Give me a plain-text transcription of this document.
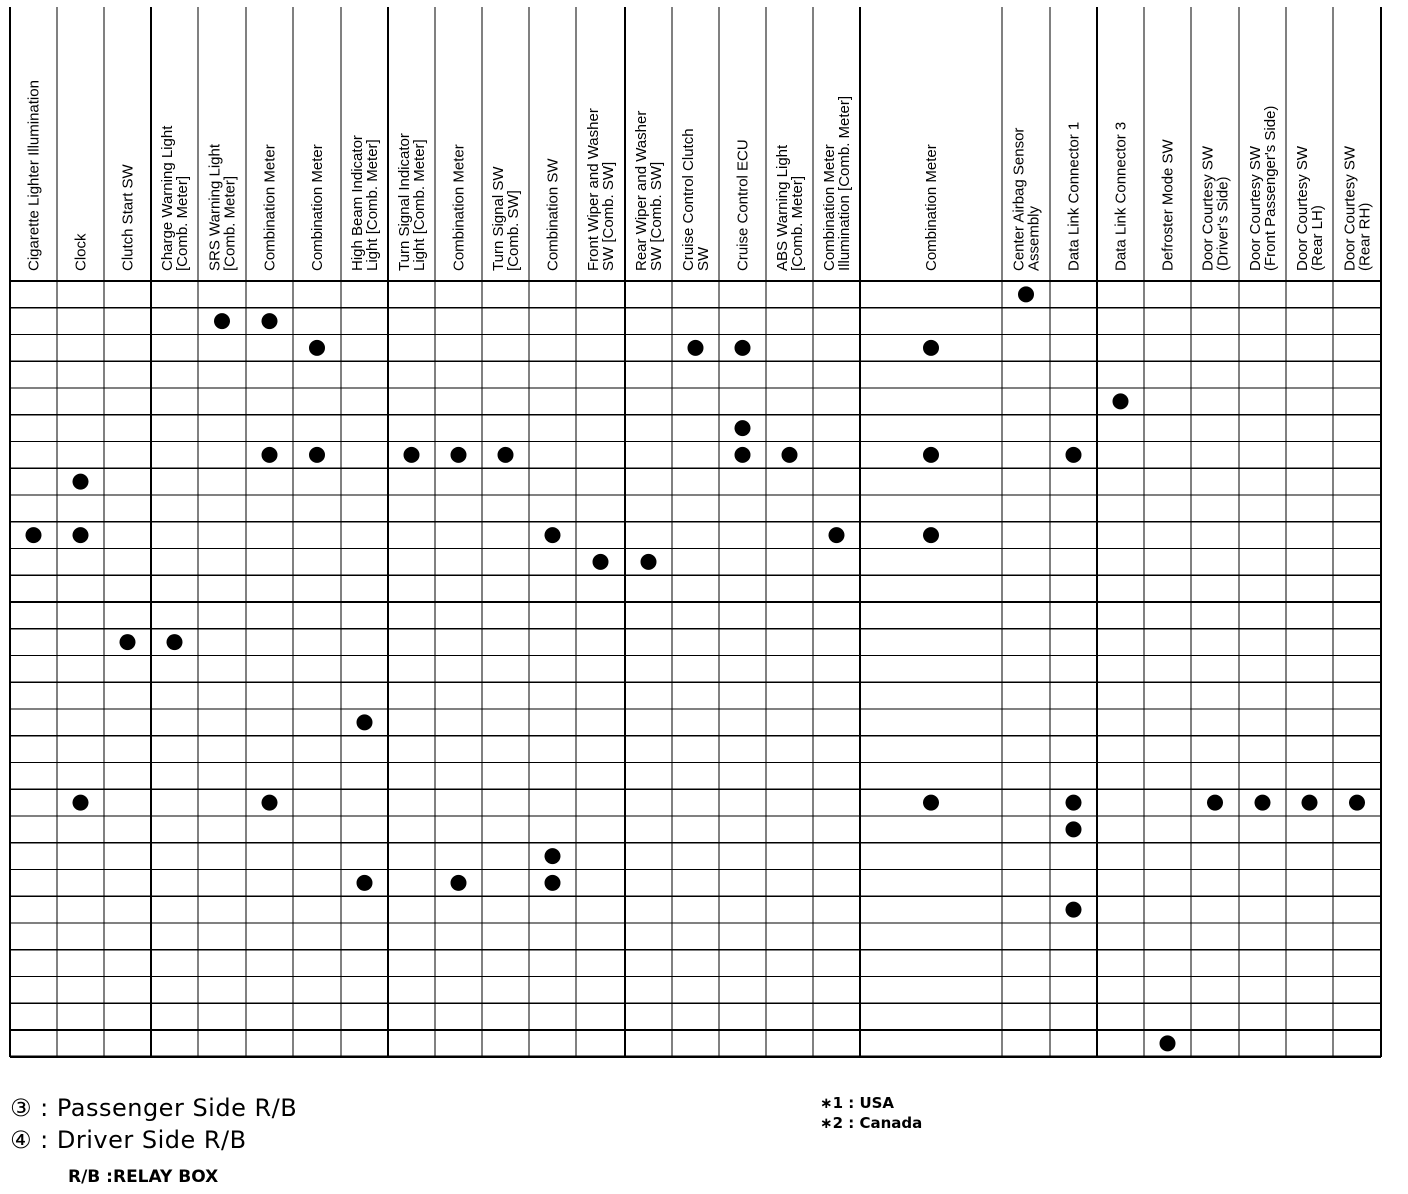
Cigarette Lighter Illumination Clock Clutch Start SW Charge Warning Light[Comb. Meter] SRS Warning Light[Comb. Meter] Combination Meter Combination Meter High Beam IndicatorLight [Comb. Meter] Turn Signal IndicatorLight [Comb. Meter] Combination Meter Turn Signal SW[Comb. SW] Combination SW Front Wiper and WasherSW [Comb. SW] Rear Wiper and WasherSW [Comb. SW] Cruise Control ClutchSW Cruise Control ECU ABS Warning Light[Comb. Meter] Combination MeterIllumination [Comb. Meter]	Combination Meter	Center Airbag SensorAssembly Data Link Connector 1 Data Link Connector 3 Defroster Mode SW Door Courtesy SW(Driver's Side) Door Courtesy SW(Front Passenger's Side) Door Courtesy SW(Rear LH) Door Courtesy SW(Rear RH)
③ : Passenger Side R/B
④ : Driver Side R/B
R/B :RELAY BOX
∗1 : USA
∗2 : Canada
